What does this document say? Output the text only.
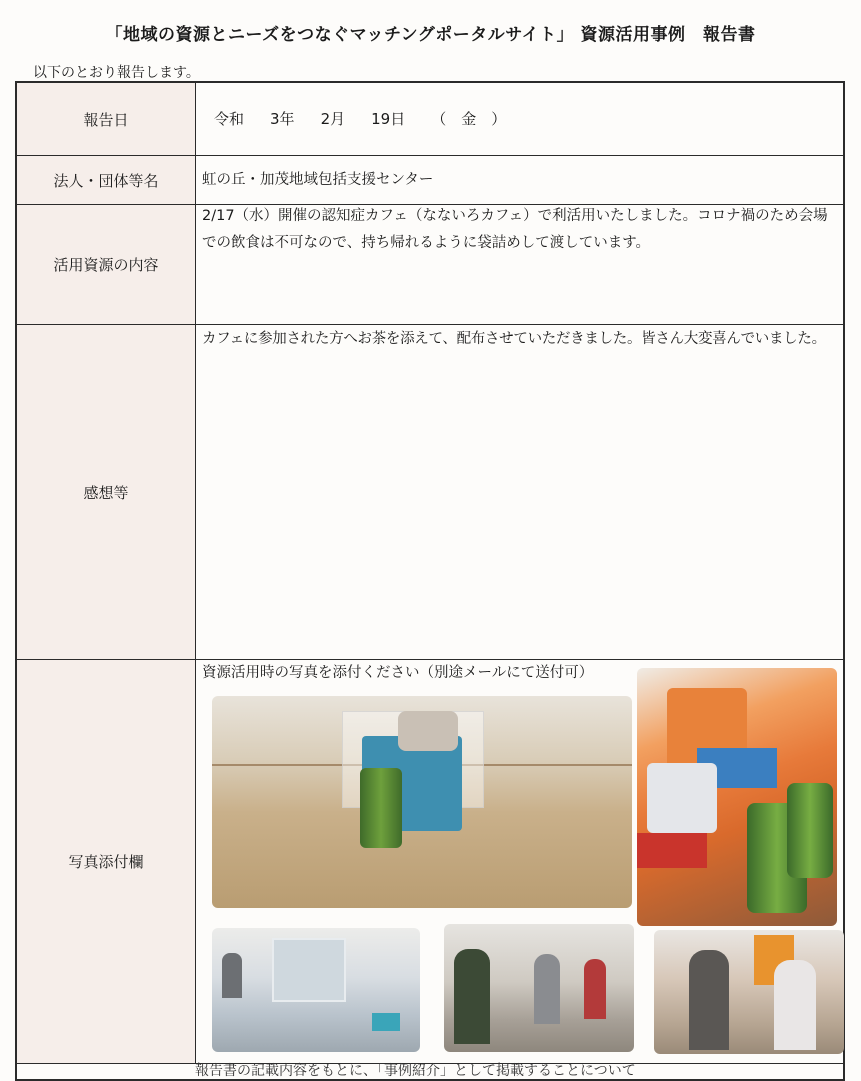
「地域の資源とニーズをつなぐマッチングポータルサイト」 資源活用事例　報告書
以下のとおり報告します。
報告日	令和 3年 2月 19日 （　金　）
法人・団体等名	虹の丘・加茂地域包括支援センター
活用資源の内容
2/17（水）開催の認知症カフェ（なないろカフェ）で利活用いたしました。コロナ禍のため会場での飲食は不可なので、持ち帰れるように袋詰めして渡しています。
感想等
カフェに参加された方へお茶を添えて、配布させていただきました。皆さん大変喜んでいました。
写真添付欄
資源活用時の写真を添付ください（別途メールにて送付可）
報告書の記載内容をもとに、「事例紹介」として掲載することについて
